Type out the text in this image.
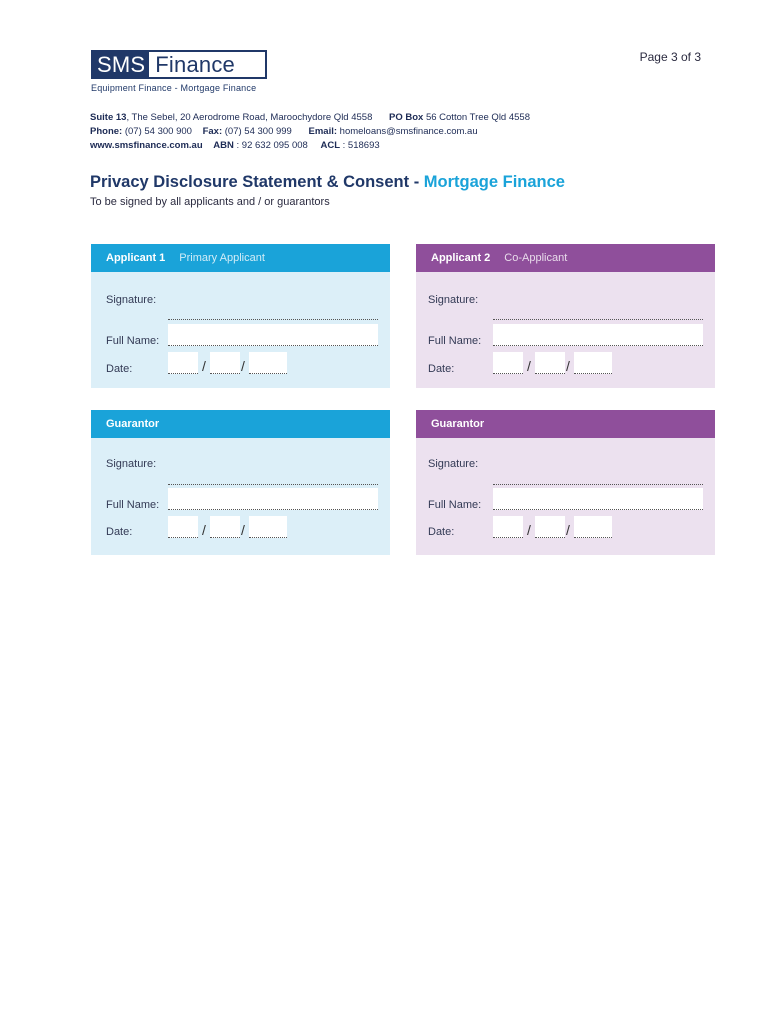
Page 3 of 3
SMS Finance
Equipment Finance - Mortgage Finance
Suite 13, The Sebel, 20 Aerodrome Road, Maroochydore Qld 4558 PO Box 56 Cotton Tree Qld 4558
Phone: (07) 54 300 900 Fax: (07) 54 300 999 Email: homeloans@smsfinance.com.au
www.smsfinance.com.au ABN : 92 632 095 008 ACL : 518693
Privacy Disclosure Statement & Consent - Mortgage Finance
To be signed by all applicants and / or guarantors
Applicant 1 Primary Applicant
Signature:
Full Name:
Date:	/	/
Applicant 2 Co-Applicant
Signature:
Full Name:
Date:	/	/
Guarantor
Signature:
Full Name:
Date:	/	/
Guarantor
Signature:
Full Name:
Date:	/	/
